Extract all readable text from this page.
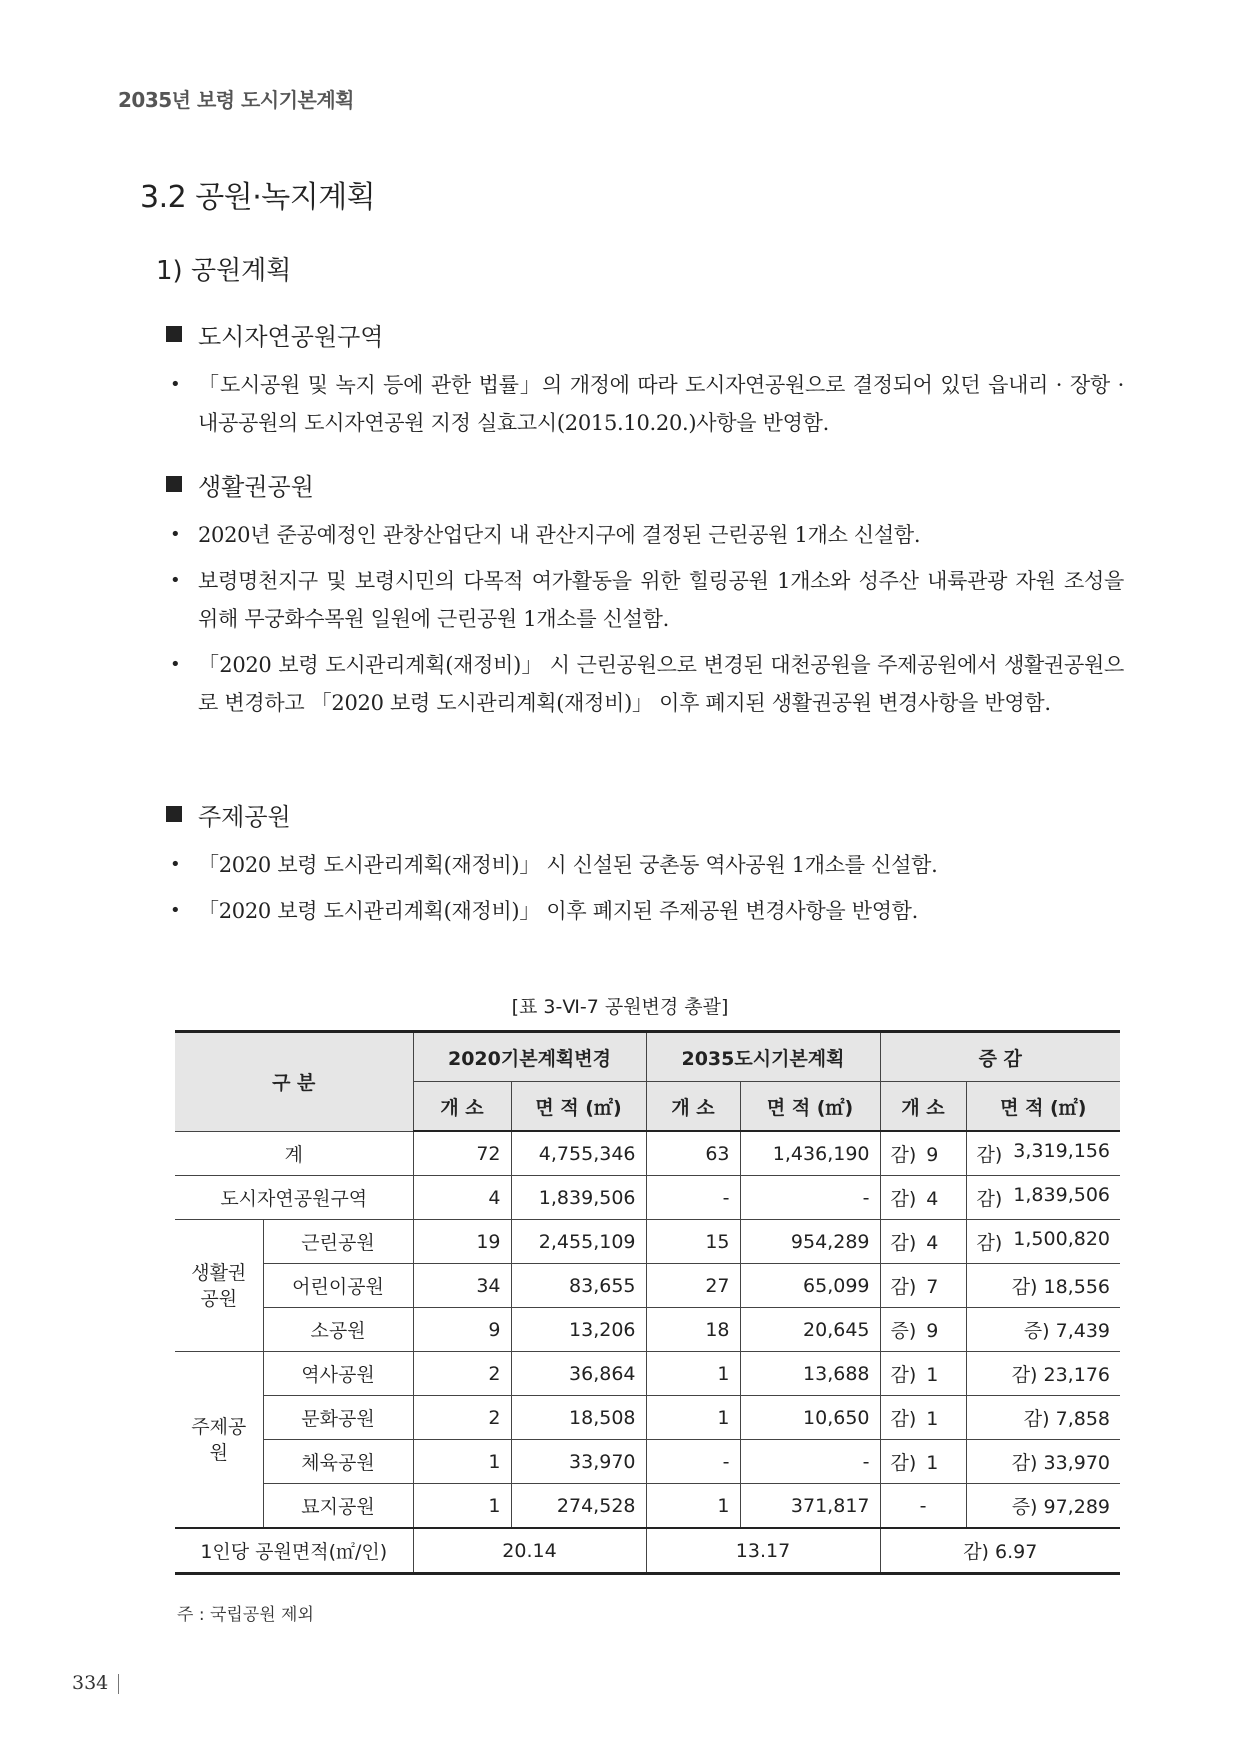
2035년 보령 도시기본계획
3.2 공원·녹지계획
1) 공원계획
도시자연공원구역
• 「도시공원 및 녹지 등에 관한 법률」의 개정에 따라 도시자연공원으로 결정되어 있던 읍내리 · 장항 · 내공공원의 도시자연공원 지정 실효고시(2015.10.20.)사항을 반영함.
생활권공원
• 2020년 준공예정인 관창산업단지 내 관산지구에 결정된 근린공원 1개소 신설함.
• 보령명천지구 및 보령시민의 다목적 여가활동을 위한 힐링공원 1개소와 성주산 내륙관광 자원 조성을 위해 무궁화수목원 일원에 근린공원 1개소를 신설함.
• 「2020 보령 도시관리계획(재정비)」 시 근린공원으로 변경된 대천공원을 주제공원에서 생활권공원으로 변경하고 「2020 보령 도시관리계획(재정비)」 이후 폐지된 생활권공원 변경사항을 반영함.
주제공원
• 「2020 보령 도시관리계획(재정비)」 시 신설된 궁촌동 역사공원 1개소를 신설함.
• 「2020 보령 도시관리계획(재정비)」 이후 폐지된 주제공원 변경사항을 반영함.
[표 3-Ⅵ-7 공원변경 총괄]
구 분		2020기본계획변경		2035도시기본계획		증 감	
		개 소	면 적 (㎡)	개 소	면 적 (㎡)	개 소	면 적 (㎡)
계		72	4,755,346	63	1,436,190	감) 9	감) 3,319,156

도시자연공원구역		4	1,839,506	-	-	감) 4	감) 1,839,506

생활권 공원	근린공원	19	2,455,109	15	954,289	감) 4	감) 1,500,820

	어린이공원	34	83,655	27	65,099	감) 7	감) 18,556
	소공원	9	13,206	18	20,645	증) 9	증) 7,439
주제공 원	역사공원	2	36,864	1	13,688	감) 1	감) 23,176
	문화공원	2	18,508	1	10,650	감) 1	감) 7,858
	체육공원	1	33,970	-	-	감) 1	감) 33,970
	묘지공원	1	274,528	1	371,817	-	증) 97,289
1인당 공원면적(㎡/인)		20.14		13.17		감) 6.97	
주 : 국립공원 제외
334
